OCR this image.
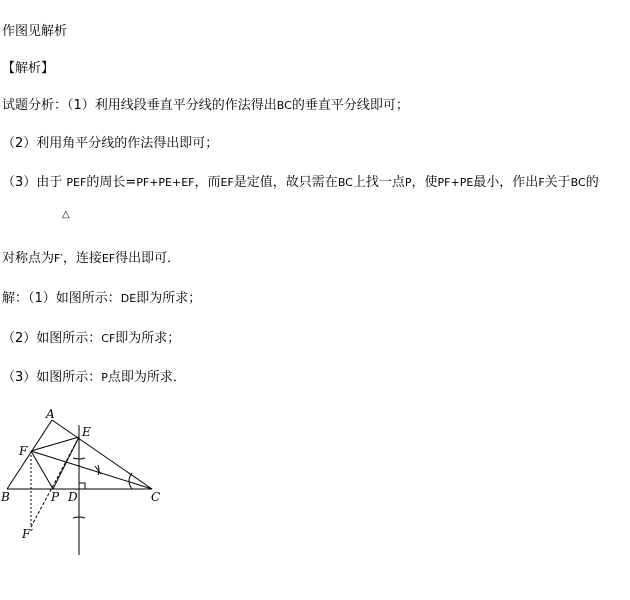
作图见解析
【解析】
试题分析：（1）利用线段垂直平分线的作法得出BC的垂直平分线即可；
（2）利用角平分线的作法得出即可；
（3）由于 PEF的周长=PF+PE+EF，而EF是定值，故只需在BC上找一点P，使PF+PE最小，作出F关于BC的
△
对称点为F′，连接EF得出即可．
解：（1）如图所示：DE即为所求；
（2）如图所示：CF即为所求；
（3）如图所示：P点即为所求．
A
B	C
D
E
F
P
F′
